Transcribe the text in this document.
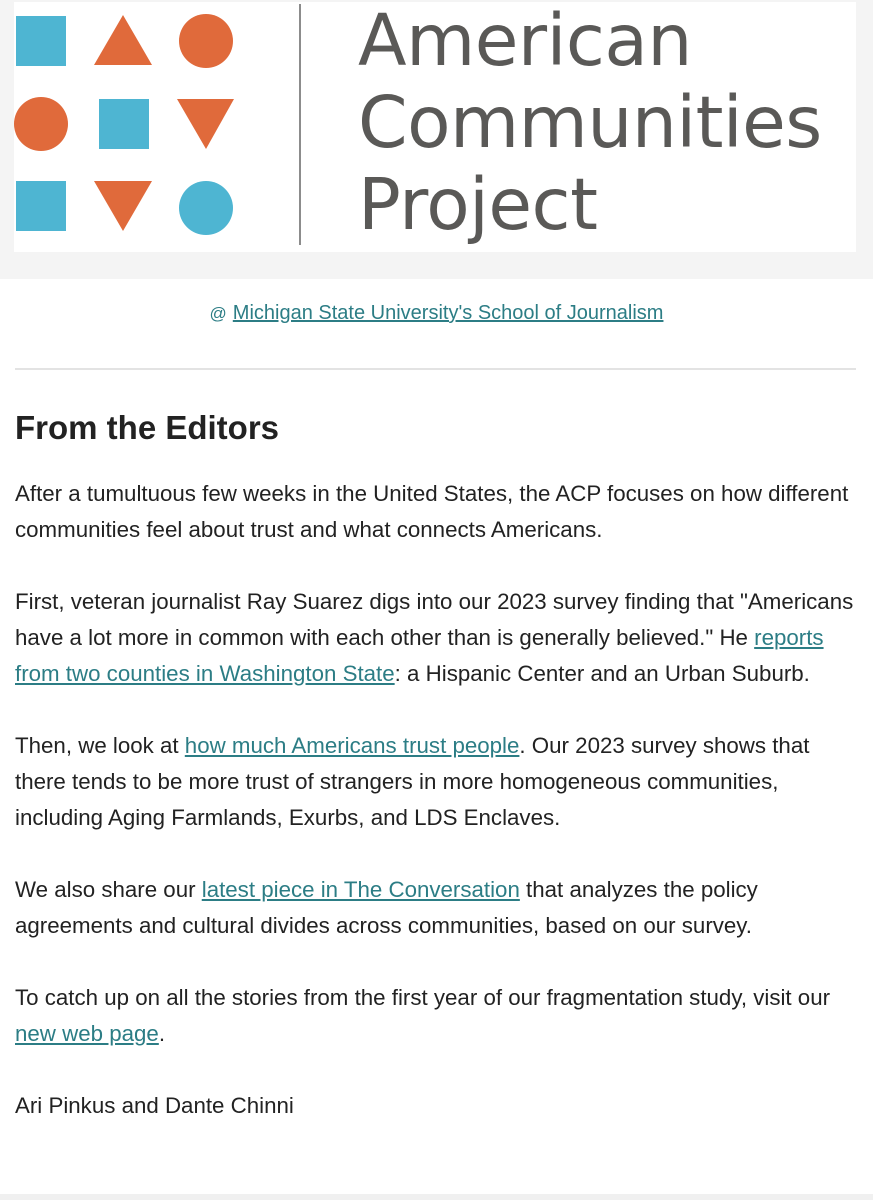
American
Communities
Project
@ Michigan State University's School of Journalism
From the Editors

After a tumultuous few weeks in the United States, the ACP focuses on how different communities feel about trust and what connects Americans.

First, veteran journalist Ray Suarez digs into our 2023 survey finding that "Americans have a lot more in common with each other than is generally believed." He reports from two counties in Washington State: a Hispanic Center and an Urban Suburb.

Then, we look at how much Americans trust people. Our 2023 survey shows that there tends to be more trust of strangers in more homogeneous communities, including Aging Farmlands, Exurbs, and LDS Enclaves.

We also share our latest piece in The Conversation that analyzes the policy agreements and cultural divides across communities, based on our survey.

To catch up on all the stories from the first year of our fragmentation study, visit our new web page.

Ari Pinkus and Dante Chinni
